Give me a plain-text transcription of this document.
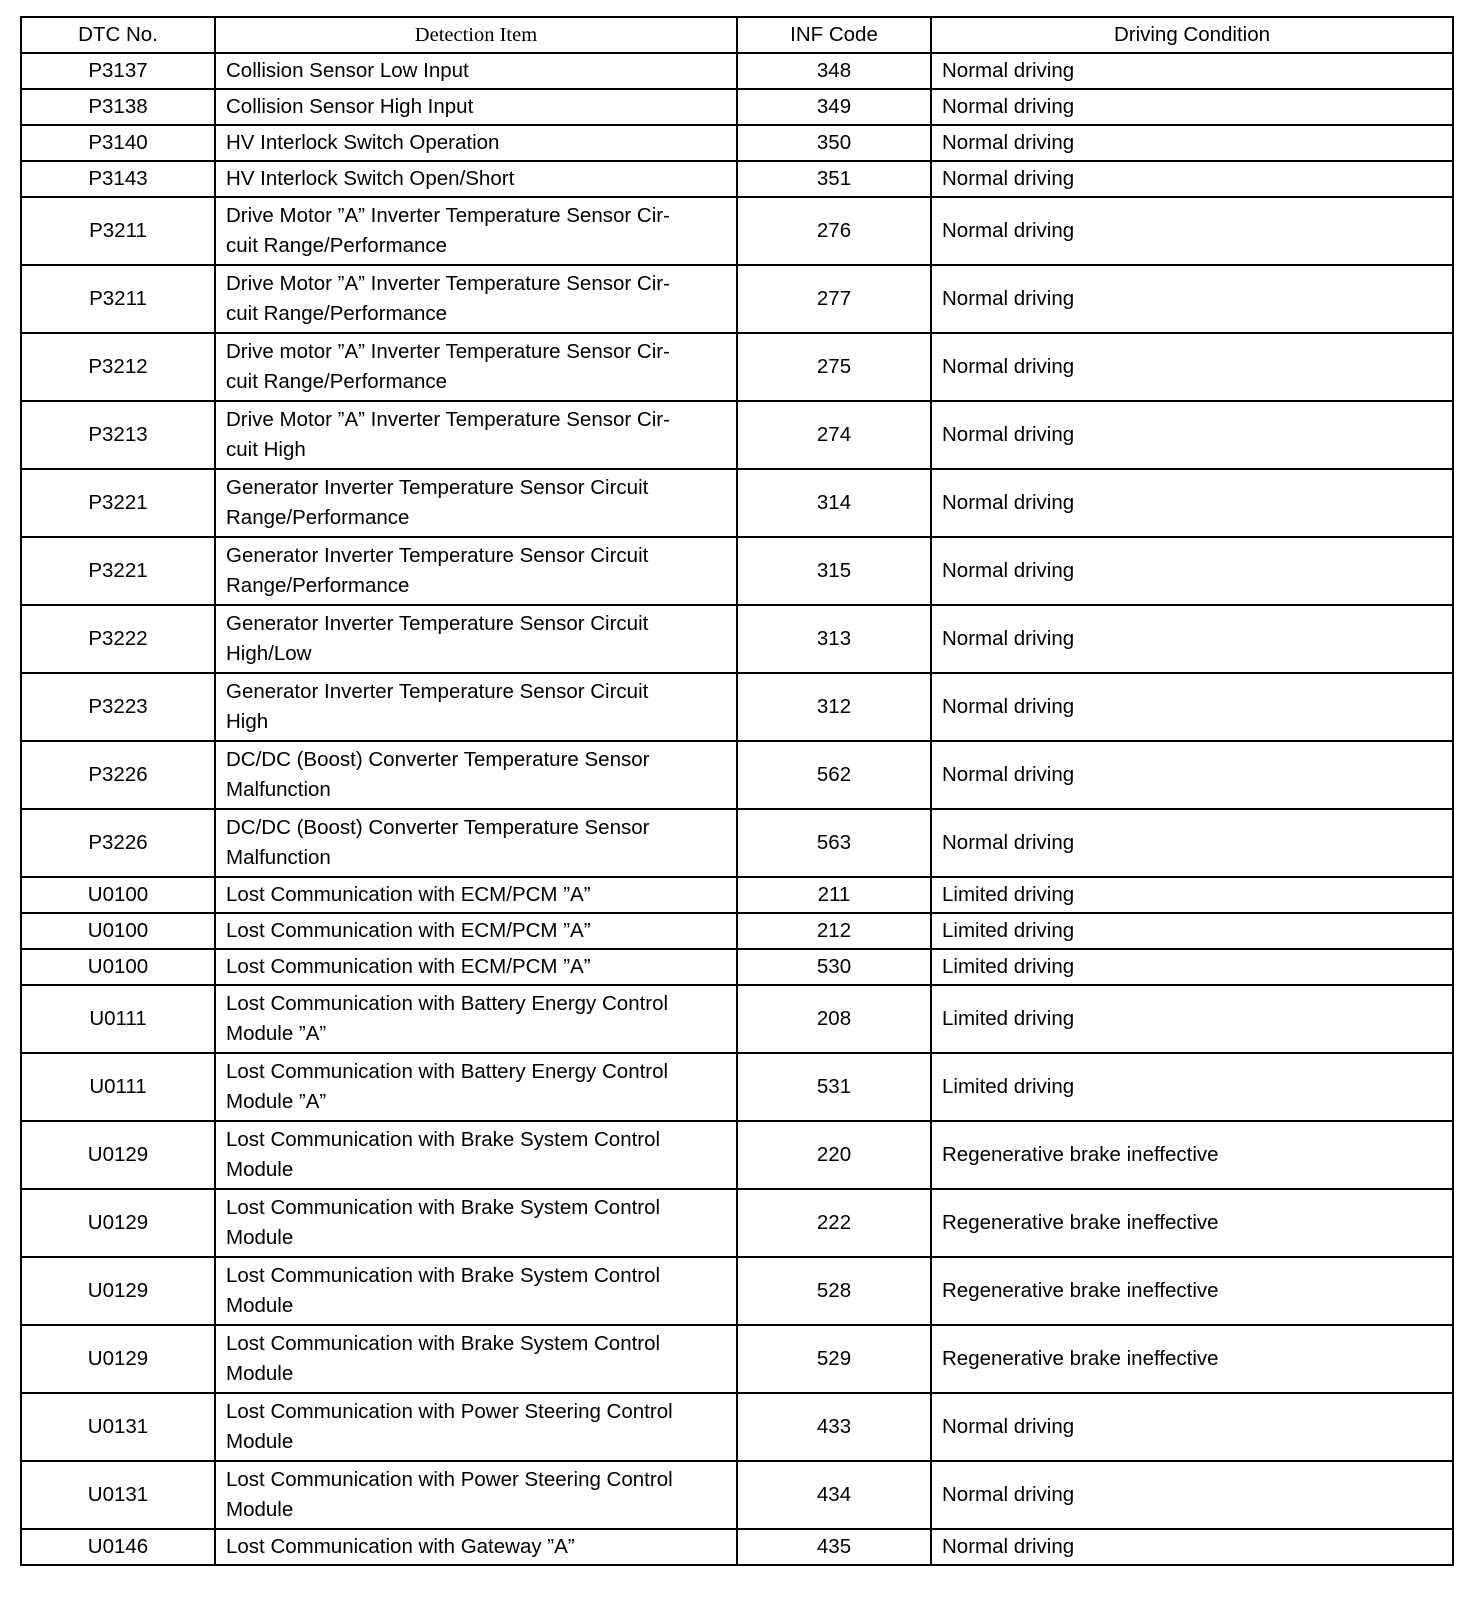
DTC No.	Detection Item	INF Code	Driving Condition
P3137	Collision Sensor Low Input	348	Normal driving
P3138	Collision Sensor High Input	349	Normal driving
P3140	HV Interlock Switch Operation	350	Normal driving
P3143	HV Interlock Switch Open/Short	351	Normal driving
P3211	Drive Motor ”A” Inverter Temperature Sensor Cir-
cuit Range/Performance	276	Normal driving
P3211	Drive Motor ”A” Inverter Temperature Sensor Cir-
cuit Range/Performance	277	Normal driving
P3212	Drive motor ”A” Inverter Temperature Sensor Cir-
cuit Range/Performance	275	Normal driving
P3213	Drive Motor ”A” Inverter Temperature Sensor Cir-
cuit High	274	Normal driving
P3221	Generator Inverter Temperature Sensor Circuit
Range/Performance	314	Normal driving
P3221	Generator Inverter Temperature Sensor Circuit
Range/Performance	315	Normal driving
P3222	Generator Inverter Temperature Sensor Circuit
High/Low	313	Normal driving
P3223	Generator Inverter Temperature Sensor Circuit
High	312	Normal driving
P3226	DC/DC (Boost) Converter Temperature Sensor
Malfunction	562	Normal driving
P3226	DC/DC (Boost) Converter Temperature Sensor
Malfunction	563	Normal driving
U0100	Lost Communication with ECM/PCM ”A”	211	Limited driving
U0100	Lost Communication with ECM/PCM ”A”	212	Limited driving
U0100	Lost Communication with ECM/PCM ”A”	530	Limited driving
U0111	Lost Communication with Battery Energy Control
Module ”A”	208	Limited driving
U0111	Lost Communication with Battery Energy Control
Module ”A”	531	Limited driving
U0129	Lost Communication with Brake System Control
Module	220	Regenerative brake ineffective
U0129	Lost Communication with Brake System Control
Module	222	Regenerative brake ineffective
U0129	Lost Communication with Brake System Control
Module	528	Regenerative brake ineffective
U0129	Lost Communication with Brake System Control
Module	529	Regenerative brake ineffective
U0131	Lost Communication with Power Steering Control
Module	433	Normal driving
U0131	Lost Communication with Power Steering Control
Module	434	Normal driving
U0146	Lost Communication with Gateway ”A”	435	Normal driving
